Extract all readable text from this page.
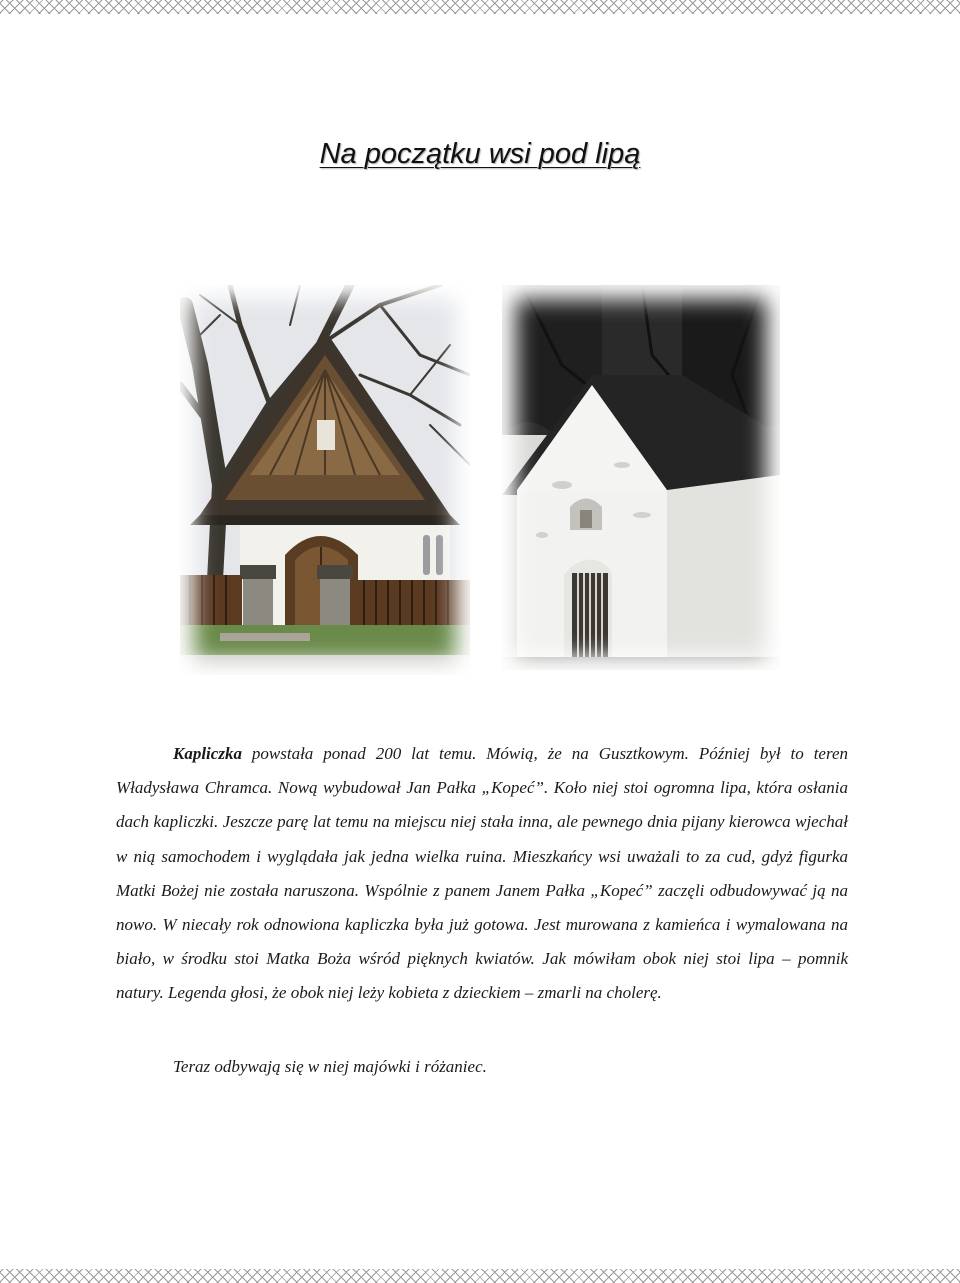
Na początku wsi pod lipą

Kapliczka powstała ponad 200 lat temu. Mówią, że na Gusztkowym. Później był to teren Władysława Chramca. Nową wybudował Jan Pałka „Kopeć”. Koło niej stoi ogromna lipa, która osłania dach kapliczki. Jeszcze parę lat temu na miejscu niej stała inna, ale pewnego dnia pijany kierowca wjechał w nią samochodem i wyglądała jak jedna wielka ruina. Mieszkańcy wsi uważali to za cud, gdyż figurka Matki Bożej nie została naruszona. Wspólnie z panem Janem Pałka „Kopeć” zaczęli odbudowywać ją na nowo. W niecały rok odnowiona kapliczka była już gotowa. Jest murowana z kamieńca i wymalowana na biało, w środku stoi Matka Boża wśród pięknych kwiatów. Jak mówiłam obok niej stoi lipa – pomnik natury. Legenda głosi, że obok niej leży kobieta z dzieckiem – zmarli na cholerę.

Teraz odbywają się w niej majówki i różaniec.
